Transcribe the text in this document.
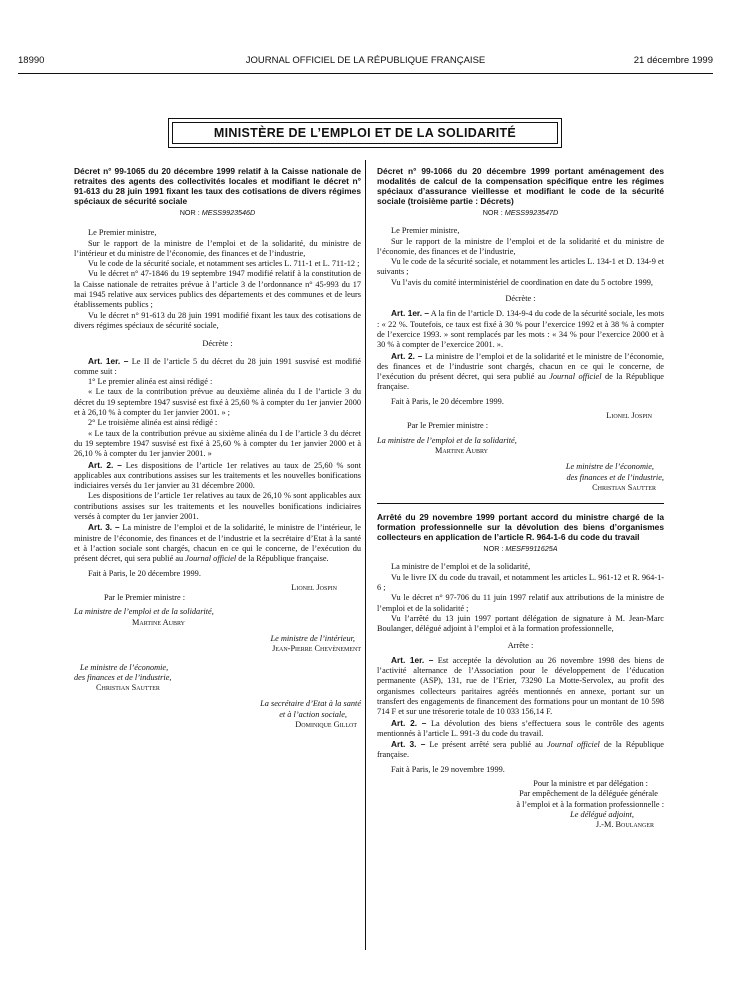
18990	JOURNAL OFFICIEL DE LA RÉPUBLIQUE FRANÇAISE	21 décembre 1999
MINISTÈRE DE L’EMPLOI ET DE LA SOLIDARITÉ

Décret n° 99-1065 du 20 décembre 1999 relatif à la Caisse nationale de retraites des agents des collectivités locales et modifiant le décret n° 91-613 du 28 juin 1991 fixant les taux des cotisations de divers régimes spéciaux de sécurité sociale

NOR : MESS9923546D

Le Premier ministre,

Sur le rapport de la ministre de l’emploi et de la solidarité, du ministre de l’intérieur et du ministre de l’économie, des finances et de l’industrie,

Vu le code de la sécurité sociale, et notamment ses articles L. 711-1 et L. 711-12 ;

Vu le décret n° 47-1846 du 19 septembre 1947 modifié relatif à la constitution de la Caisse nationale de retraites prévue à l’article 3 de l’ordonnance n° 45-993 du 17 mai 1945 relative aux services publics des départements et des communes et de leurs établissements publics ;

Vu le décret n° 91-613 du 28 juin 1991 modifié fixant les taux des cotisations de divers régimes spéciaux de sécurité sociale,

Décrète :

Art. 1er. – Le II de l’article 5 du décret du 28 juin 1991 susvisé est modifié comme suit :

1° Le premier alinéa est ainsi rédigé :

« Le taux de la contribution prévue au deuxième alinéa du I de l’article 3 du décret du 19 septembre 1947 susvisé est fixé à 25,60 % à compter du 1er janvier 2000 et à 26,10 % à compter du 1er janvier 2001. » ;

2° Le troisième alinéa est ainsi rédigé :

« Le taux de la contribution prévue au sixième alinéa du I de l’article 3 du décret du 19 septembre 1947 susvisé est fixé à 25,60 % à compter du 1er janvier 2000 et à 26,10 % à compter du 1er janvier 2001. »

Art. 2. – Les dispositions de l’article 1er relatives au taux de 25,60 % sont applicables aux contributions assises sur les traitements et les nouvelles bonifications indiciaires versés du 1er janvier au 31 décembre 2000.

Les dispositions de l’article 1er relatives au taux de 26,10 % sont applicables aux contributions assises sur les traitements et les nouvelles bonifications indiciaires versés à compter du 1er janvier 2001.

Art. 3. – La ministre de l’emploi et de la solidarité, le ministre de l’intérieur, le ministre de l’économie, des finances et de l’industrie et la secrétaire d’Etat à la santé et à l’action sociale sont chargés, chacun en ce qui le concerne, de l’exécution du présent décret, qui sera publié au Journal officiel de la République française.

Fait à Paris, le 20 décembre 1999.

Lionel Jospin

Par le Premier ministre :

La ministre de l’emploi et de la solidarité,

Martine Aubry

Le ministre de l’intérieur,

Jean-Pierre Chevènement

Le ministre de l’économie,

des finances et de l’industrie,

Christian Sautter

La secrétaire d’Etat à la santé

et à l’action sociale,

Dominique Gillot

Décret n° 99-1066 du 20 décembre 1999 portant aménagement des modalités de calcul de la compensation spécifique entre les régimes spéciaux d’assurance vieillesse et modifiant le code de la sécurité sociale (troisième partie : Décrets)

NOR : MESS9923547D

Le Premier ministre,

Sur le rapport de la ministre de l’emploi et de la solidarité et du ministre de l’économie, des finances et de l’industrie,

Vu le code de la sécurité sociale, et notamment les articles L. 134-1 et D. 134-9 et suivants ;

Vu l’avis du comité interministériel de coordination en date du 5 octobre 1999,

Décrète :

Art. 1er. – A la fin de l’article D. 134-9-4 du code de la sécurité sociale, les mots : « 22 %. Toutefois, ce taux est fixé à 30 % pour l’exercice 1992 et à 38 % à compter de l’exercice 1993. » sont remplacés par les mots : « 34 % pour l’exercice 2000 et à 30 % à compter de l’exercice 2001. ».

Art. 2. – La ministre de l’emploi et de la solidarité et le ministre de l’économie, des finances et de l’industrie sont chargés, chacun en ce qui le concerne, de l’exécution du présent décret, qui sera publié au Journal officiel de la République française.

Fait à Paris, le 20 décembre 1999.

Lionel Jospin

Par le Premier ministre :

La ministre de l’emploi et de la solidarité,

Martine Aubry

Le ministre de l’économie,

des finances et de l’industrie,

Christian Sautter

Arrêté du 29 novembre 1999 portant accord du ministre chargé de la formation professionnelle sur la dévolution des biens d’organismes collecteurs en application de l’article R. 964-1-6 du code du travail

NOR : MESF9911625A

La ministre de l’emploi et de la solidarité,

Vu le livre IX du code du travail, et notamment les articles L. 961-12 et R. 964-1-6 ;

Vu le décret n° 97-706 du 11 juin 1997 relatif aux attributions de la ministre de l’emploi et de la solidarité ;

Vu l’arrêté du 13 juin 1997 portant délégation de signature à M. Jean-Marc Boulanger, délégué adjoint à l’emploi et à la formation professionnelle,

Arrête :

Art. 1er. – Est acceptée la dévolution au 26 novembre 1998 des biens de l’activité alternance de l’Association pour le développement de l’éducation permanente (ASP), 131, rue de l’Erier, 73290 La Motte-Servolex, au profit des organismes collecteurs paritaires agréés mentionnés en annexe, portant sur un transfert des engagements de financement des formations pour un montant de 10 598 714 F et sur une trésorerie totale de 10 033 156,14 F.

Art. 2. – La dévolution des biens s’effectuera sous le contrôle des agents mentionnés à l’article L. 991-3 du code du travail.

Art. 3. – Le présent arrêté sera publié au Journal officiel de la République française.

Fait à Paris, le 29 novembre 1999.

Pour la ministre et par délégation :

Par empêchement de la déléguée générale

à l’emploi et à la formation professionnelle :

Le délégué adjoint,

J.-M. Boulanger
